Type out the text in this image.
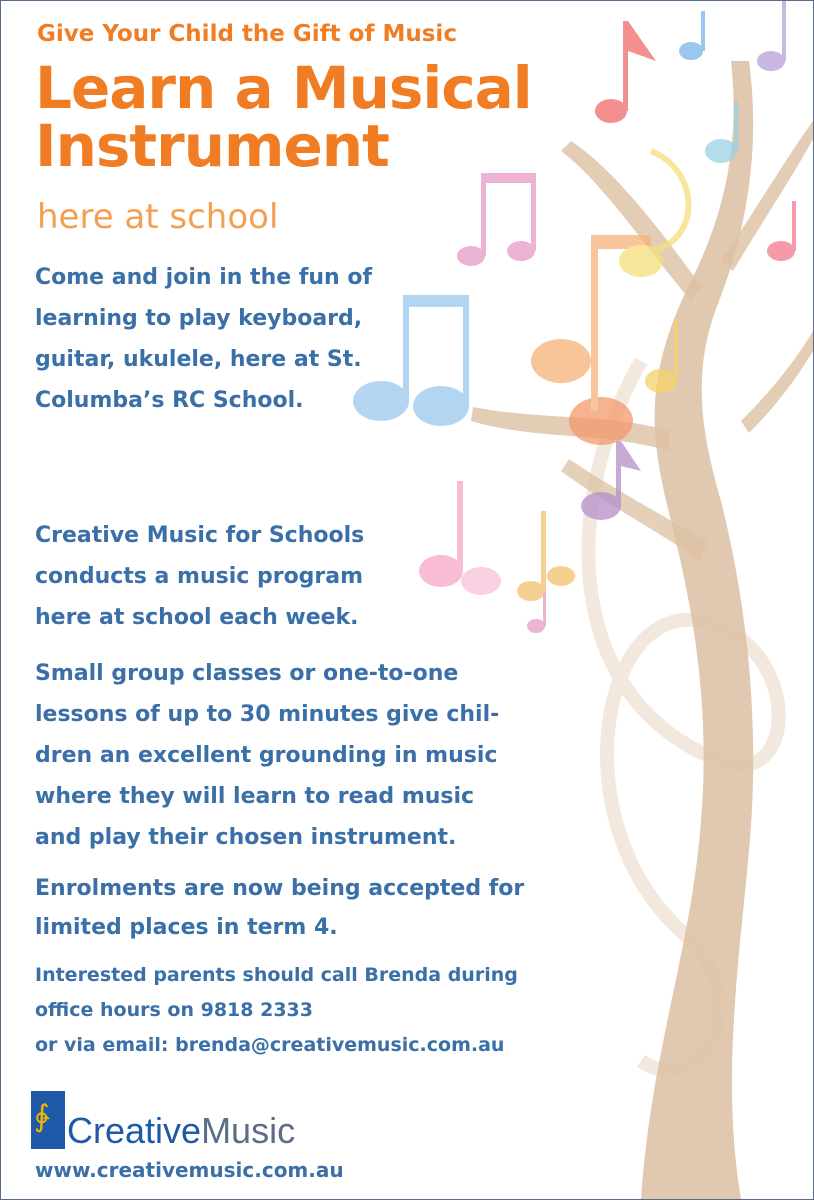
Give Your Child the Gift of Music
Learn a Musical
Instrument
here at school
Come and join in the fun of
learning to play keyboard,
guitar, ukulele, here at St.
Columba’s RC School.
Creative Music for Schools
conducts a music program
here at school each week.
Small group classes or one-to-one
lessons of up to 30 minutes give chil-
dren an excellent grounding in music
where they will learn to read music
and play their chosen instrument.
Enrolments are now being accepted for
limited places in term 4.
Interested parents should call Brenda during
office hours on 9818 2333
or via email: brenda@creativemusic.com.au
∳ Creative Music
www.creativemusic.com.au
